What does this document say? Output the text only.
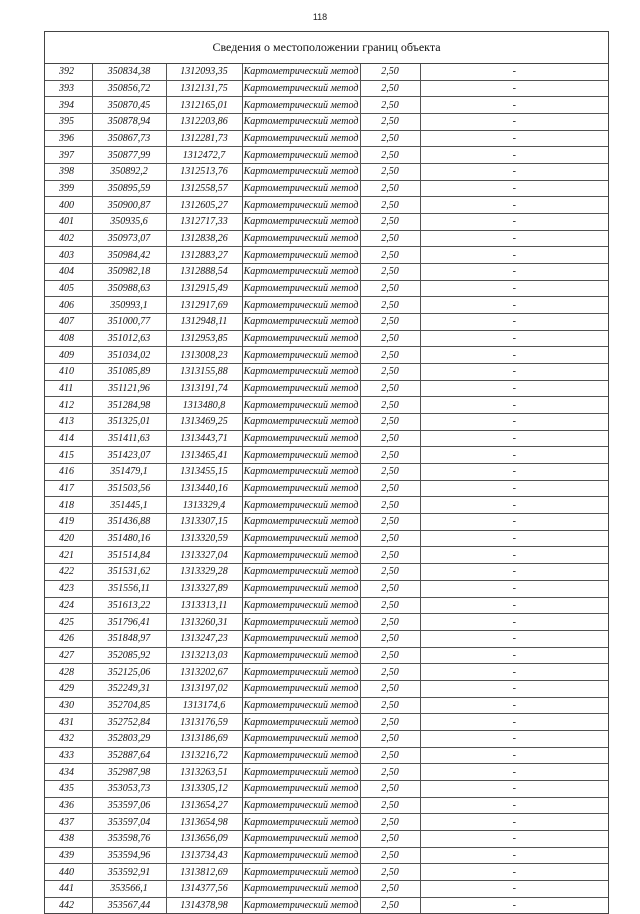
118
Сведения о местоположении границ объекта
392	350834,38	1312093,35	Картометрический метод	2,50	-
393	350856,72	1312131,75	Картометрический метод	2,50	-
394	350870,45	1312165,01	Картометрический метод	2,50	-
395	350878,94	1312203,86	Картометрический метод	2,50	-
396	350867,73	1312281,73	Картометрический метод	2,50	-
397	350877,99	1312472,7	Картометрический метод	2,50	-
398	350892,2	1312513,76	Картометрический метод	2,50	-
399	350895,59	1312558,57	Картометрический метод	2,50	-
400	350900,87	1312605,27	Картометрический метод	2,50	-
401	350935,6	1312717,33	Картометрический метод	2,50	-
402	350973,07	1312838,26	Картометрический метод	2,50	-
403	350984,42	1312883,27	Картометрический метод	2,50	-
404	350982,18	1312888,54	Картометрический метод	2,50	-
405	350988,63	1312915,49	Картометрический метод	2,50	-
406	350993,1	1312917,69	Картометрический метод	2,50	-
407	351000,77	1312948,11	Картометрический метод	2,50	-
408	351012,63	1312953,85	Картометрический метод	2,50	-
409	351034,02	1313008,23	Картометрический метод	2,50	-
410	351085,89	1313155,88	Картометрический метод	2,50	-
411	351121,96	1313191,74	Картометрический метод	2,50	-
412	351284,98	1313480,8	Картометрический метод	2,50	-
413	351325,01	1313469,25	Картометрический метод	2,50	-
414	351411,63	1313443,71	Картометрический метод	2,50	-
415	351423,07	1313465,41	Картометрический метод	2,50	-
416	351479,1	1313455,15	Картометрический метод	2,50	-
417	351503,56	1313440,16	Картометрический метод	2,50	-
418	351445,1	1313329,4	Картометрический метод	2,50	-
419	351436,88	1313307,15	Картометрический метод	2,50	-
420	351480,16	1313320,59	Картометрический метод	2,50	-
421	351514,84	1313327,04	Картометрический метод	2,50	-
422	351531,62	1313329,28	Картометрический метод	2,50	-
423	351556,11	1313327,89	Картометрический метод	2,50	-
424	351613,22	1313313,11	Картометрический метод	2,50	-
425	351796,41	1313260,31	Картометрический метод	2,50	-
426	351848,97	1313247,23	Картометрический метод	2,50	-
427	352085,92	1313213,03	Картометрический метод	2,50	-
428	352125,06	1313202,67	Картометрический метод	2,50	-
429	352249,31	1313197,02	Картометрический метод	2,50	-
430	352704,85	1313174,6	Картометрический метод	2,50	-
431	352752,84	1313176,59	Картометрический метод	2,50	-
432	352803,29	1313186,69	Картометрический метод	2,50	-
433	352887,64	1313216,72	Картометрический метод	2,50	-
434	352987,98	1313263,51	Картометрический метод	2,50	-
435	353053,73	1313305,12	Картометрический метод	2,50	-
436	353597,06	1313654,27	Картометрический метод	2,50	-
437	353597,04	1313654,98	Картометрический метод	2,50	-
438	353598,76	1313656,09	Картометрический метод	2,50	-
439	353594,96	1313734,43	Картометрический метод	2,50	-
440	353592,91	1313812,69	Картометрический метод	2,50	-
441	353566,1	1314377,56	Картометрический метод	2,50	-
442	353567,44	1314378,98	Картометрический метод	2,50	-
